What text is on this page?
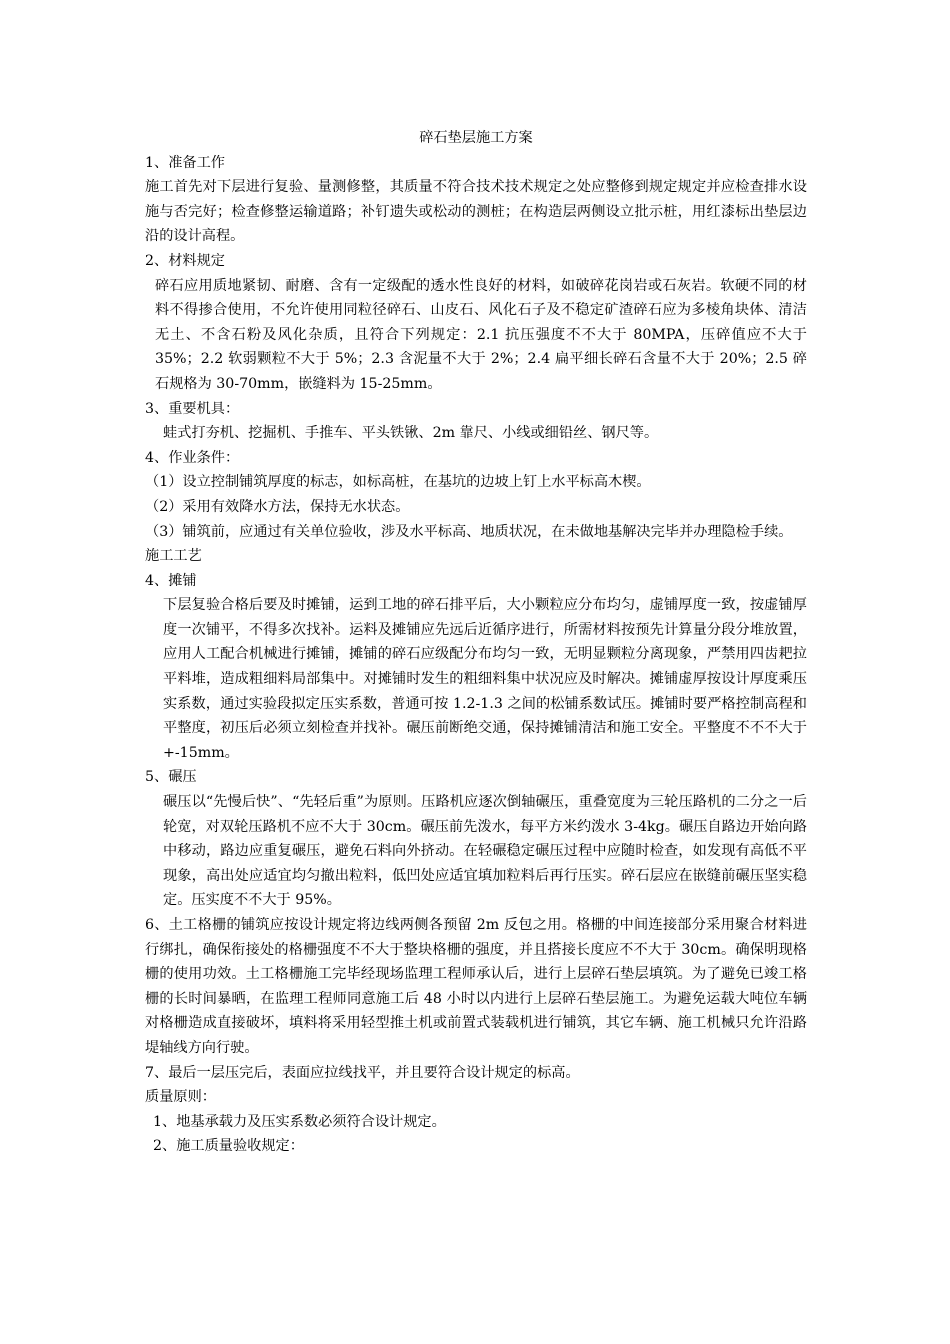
碎石垫层施工方案

1、准备工作

施工首先对下层进行复验、量测修整，其质量不符合技术技术规定之处应整修到规定规定并应检查排水设施与否完好；检查修整运输道路；补钉遗失或松动的测桩；在构造层两侧设立批示桩，用红漆标出垫层边沿的设计高程。

2、材料规定

碎石应用质地紧韧、耐磨、含有一定级配的透水性良好的材料，如破碎花岗岩或石灰岩。软硬不同的材料不得掺合使用，不允许使用同粒径碎石、山皮石、风化石子及不稳定矿渣碎石应为多棱角块体、清洁无土、不含石粉及风化杂质，且符合下列规定：2.1 抗压强度不不大于 80MPA，压碎值应不大于 35%；2.2 软弱颗粒不大于 5%；2.3 含泥量不大于 2%；2.4 扁平细长碎石含量不大于 20%；2.5 碎石规格为 30-70mm，嵌缝料为 15-25mm。

3、重要机具：

蛙式打夯机、挖掘机、手推车、平头铁锹、2m 靠尺、小线或细铅丝、钢尺等。

4、作业条件：

（1）设立控制铺筑厚度的标志，如标高桩，在基坑的边坡上钉上水平标高木楔。

（2）采用有效降水方法，保持无水状态。

（3）铺筑前，应通过有关单位验收，涉及水平标高、地质状况，在未做地基解决完毕并办理隐检手续。

施工工艺

4、摊铺

下层复验合格后要及时摊铺，运到工地的碎石排平后，大小颗粒应分布均匀，虚铺厚度一致，按虚铺厚度一次铺平，不得多次找补。运料及摊铺应先远后近循序进行，所需材料按预先计算量分段分堆放置，应用人工配合机械进行摊铺，摊铺的碎石应级配分布均匀一致，无明显颗粒分离现象，严禁用四齿耙拉平料堆，造成粗细料局部集中。对摊铺时发生的粗细料集中状况应及时解决。摊铺虚厚按设计厚度乘压实系数，通过实验段拟定压实系数，普通可按 1.2-1.3 之间的松铺系数试压。摊铺时要严格控制高程和平整度，初压后必须立刻检查并找补。碾压前断绝交通，保持摊铺清洁和施工安全。平整度不不不大于 +-15mm。

5、碾压

碾压以“先慢后快”、“先轻后重”为原则。压路机应逐次倒轴碾压，重叠宽度为三轮压路机的二分之一后轮宽，对双轮压路机不应不大于 30cm。碾压前先泼水，每平方米约泼水 3-4kg。碾压自路边开始向路中移动，路边应重复碾压，避免石料向外挤动。在轻碾稳定碾压过程中应随时检查，如发现有高低不平现象，高出处应适宜均匀撤出粒料，低凹处应适宜填加粒料后再行压实。碎石层应在嵌缝前碾压坚实稳定。压实度不不大于 95%。

6、土工格栅的铺筑应按设计规定将边线两侧各预留 2m 反包之用。格栅的中间连接部分采用聚合材料进行绑扎，确保衔接处的格栅强度不不大于整块格栅的强度，并且搭接长度应不不大于 30cm。确保明现格栅的使用功效。土工格栅施工完毕经现场监理工程师承认后，进行上层碎石垫层填筑。为了避免已竣工格栅的长时间暴晒，在监理工程师同意施工后 48 小时以内进行上层碎石垫层施工。为避免运载大吨位车辆对格栅造成直接破坏，填料将采用轻型推土机或前置式装载机进行铺筑，其它车辆、施工机械只允许沿路堤轴线方向行驶。

7、最后一层压完后，表面应拉线找平，并且要符合设计规定的标高。

质量原则：

1、地基承载力及压实系数必须符合设计规定。

2、施工质量验收规定：
